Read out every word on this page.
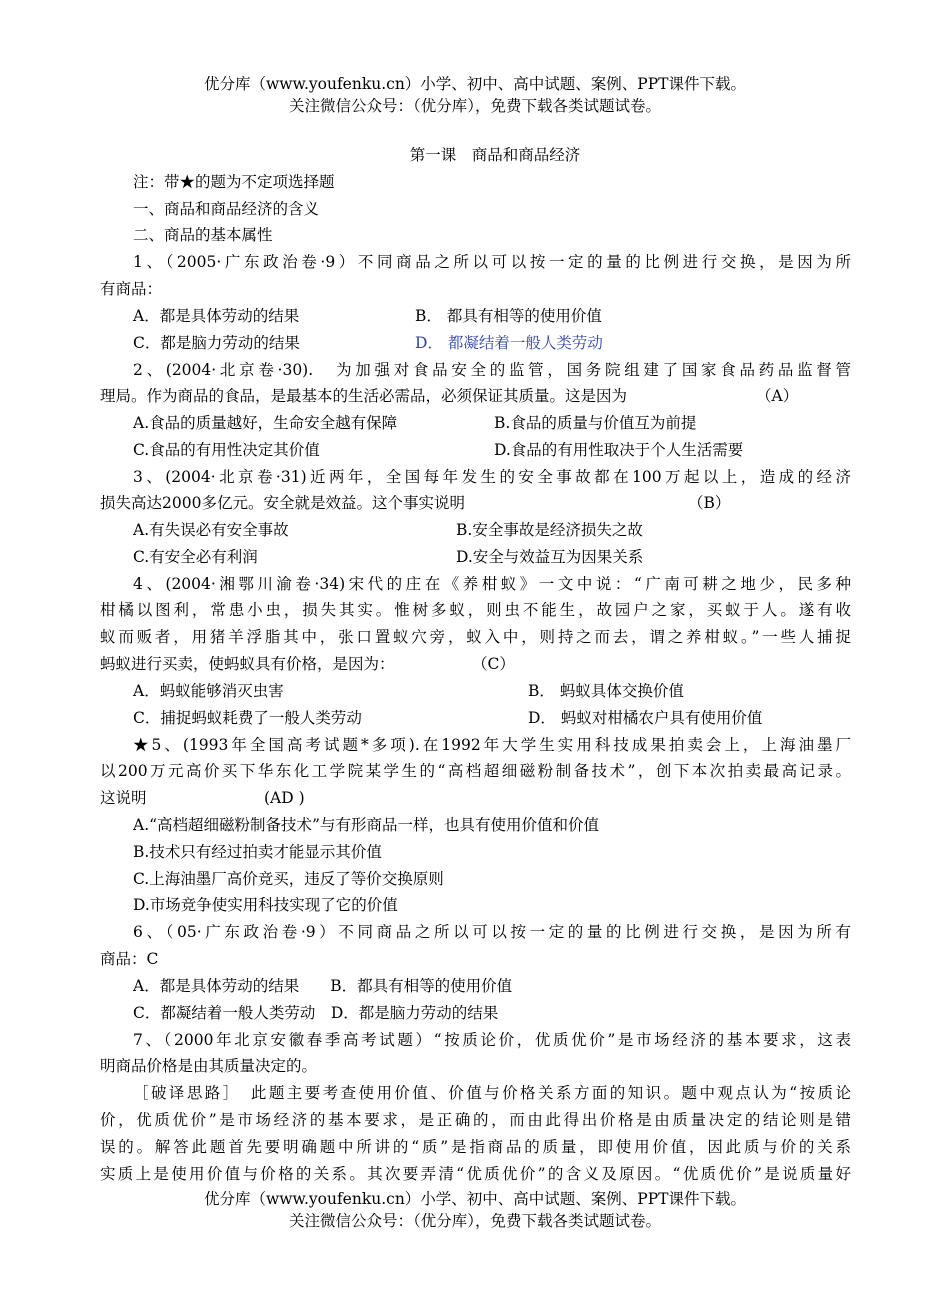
优分库（www.youfenku.cn）小学、初中、高中试题、案例、PPT课件下载。
关注微信公众号：（优分库），免费下载各类试题试卷。
第一课　商品和商品经济
注：带★的题为不定项选择题
一、商品和商品经济的含义
二、商品的基本属性
1、（2005·广东政治卷·9）不同商品之所以可以按一定的量的比例进行交换，是因为所
有商品：
A．都是具体劳动的结果	B． 都具有相等的使用价值
C．都是脑力劳动的结果	D． 都凝结着一般人类劳动
2、(2004·北京卷·30).　为加强对食品安全的监管，国务院组建了国家食品药品监督管
理局。作为商品的食品，是最基本的生活必需品，必须保证其质量。这是因为	（A）
A.食品的质量越好，生命安全越有保障	B.食品的质量与价值互为前提
C.食品的有用性决定其价值	D.食品的有用性取决于个人生活需要
3、(2004·北京卷·31)近两年，全国每年发生的安全事故都在100万起以上，造成的经济
损失高达2000多亿元。安全就是效益。这个事实说明	（B）
A.有失误必有安全事故	B.安全事故是经济损失之故
C.有安全必有利润	D.安全与效益互为因果关系
4、(2004·湘鄂川渝卷·34)宋代的庄在《养柑蚁》一文中说：“广南可耕之地少，民多种
柑橘以图利，常患小虫，损失其实。惟树多蚁，则虫不能生，故园户之家，买蚁于人。遂有收
蚁而贩者，用猪羊浮脂其中，张口置蚁穴旁，蚁入中，则持之而去，谓之养柑蚁。”一些人捕捉
蚂蚁进行买卖，使蚂蚁具有价格，是因为：	（C）
A．蚂蚁能够消灭虫害	B． 蚂蚁具体交换价值
C．捕捉蚂蚁耗费了一般人类劳动	D． 蚂蚁对柑橘农户具有使用价值
★5、(1993年全国高考试题*多项).在1992年大学生实用科技成果拍卖会上，上海油墨厂
以200万元高价买下华东化工学院某学生的“高档超细磁粉制备技术”，创下本次拍卖最高记录。
这说明	(AD )
A.“高档超细磁粉制备技术”与有形商品一样，也具有使用价值和价值
B.技术只有经过拍卖才能显示其价值
C.上海油墨厂高价竞买，违反了等价交换原则
D.市场竞争使实用科技实现了它的价值
6、（05·广东政治卷·9）不同商品之所以可以按一定的量的比例进行交换，是因为所有
商品：C
A．都是具体劳动的结果　　B．都具有相等的使用价值
C．都凝结着一般人类劳动　D．都是脑力劳动的结果
7、（2000年北京安徽春季高考试题）“按质论价，优质优价”是市场经济的基本要求，这表
明商品价格是由其质量决定的。
［破译思路］　此题主要考查使用价值、价值与价格关系方面的知识。题中观点认为“按质论
价，优质优价”是市场经济的基本要求，是正确的，而由此得出价格是由质量决定的结论则是错
误的。解答此题首先要明确题中所讲的“质”是指商品的质量，即使用价值，因此质与价的关系
实质上是使用价值与价格的关系。其次要弄清“优质优价”的含义及原因。“优质优价”是说质量好
优分库（www.youfenku.cn）小学、初中、高中试题、案例、PPT课件下载。
关注微信公众号：（优分库），免费下载各类试题试卷。
